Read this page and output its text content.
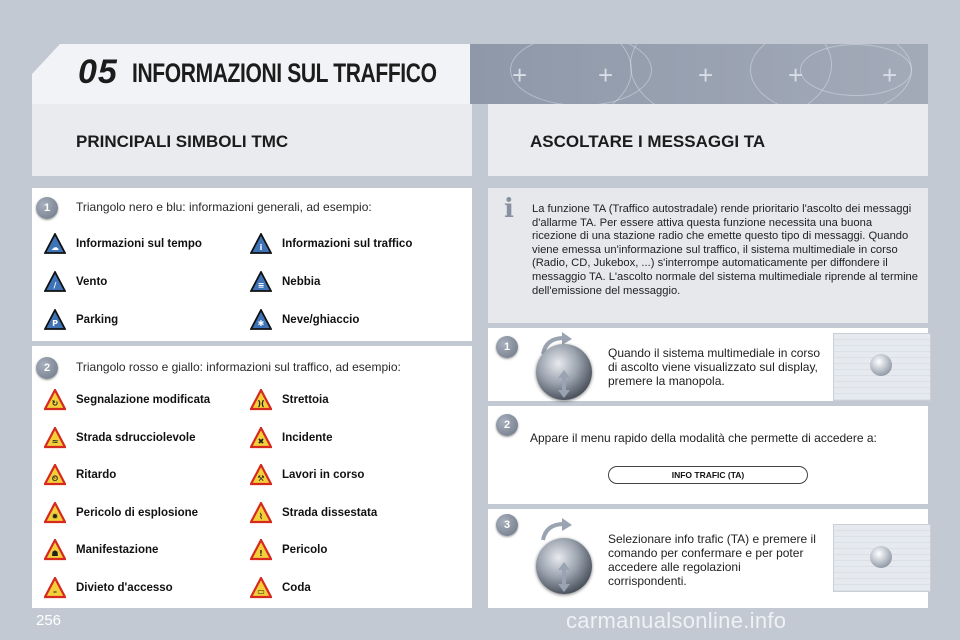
05 INFORMAZIONI SUL TRAFFICO	+	+	+	+	+
PRINCIPALI SIMBOLI TMC	ASCOLTARE I MESSAGGI TA
1	Triangolo nero e blu: informazioni generali, ad esempio:
☁ Informazioni sul tempo	i Informazioni sul traffico
/ Vento	≡ Nebbia
P Parking	✱ Neve/ghiaccio
2	Triangolo rosso e giallo: informazioni sul traffico, ad esempio:
↻ Segnalazione modificata	)( Strettoia
≈ Strada sdrucciolevole	✖ Incidente
⏲ Ritardo	⚒ Lavori in corso
✹ Pericolo di esplosione	⌇ Strada dissestata
☗ Manifestazione	! Pericolo
– Divieto d'accesso	▭ Coda
i	La funzione TA (Traffico autostradale) rende prioritario l'ascolto dei messaggi d'allarme TA. Per essere attiva questa funzione necessita una buona ricezione di una stazione radio che emette questo tipo di messaggi. Quando viene emessa un'informazione sul traffico, il sistema multimediale in corso (Radio, CD, Jukebox, ...) s'interrompe automaticamente per diffondere il messaggio TA. L'ascolto normale del sistema multimediale riprende al termine dell'emissione del messaggio.
1	Quando il sistema multimediale in corso di ascolto viene visualizzato sul display, premere la manopola.
2
Appare il menu rapido della modalità che permette di accedere a:
INFO TRAFIC (TA)
3
Selezionare info trafic (TA) e premere il comando per confermare e per poter accedere alle regolazioni corrispondenti.
256	carmanualsonline.info
